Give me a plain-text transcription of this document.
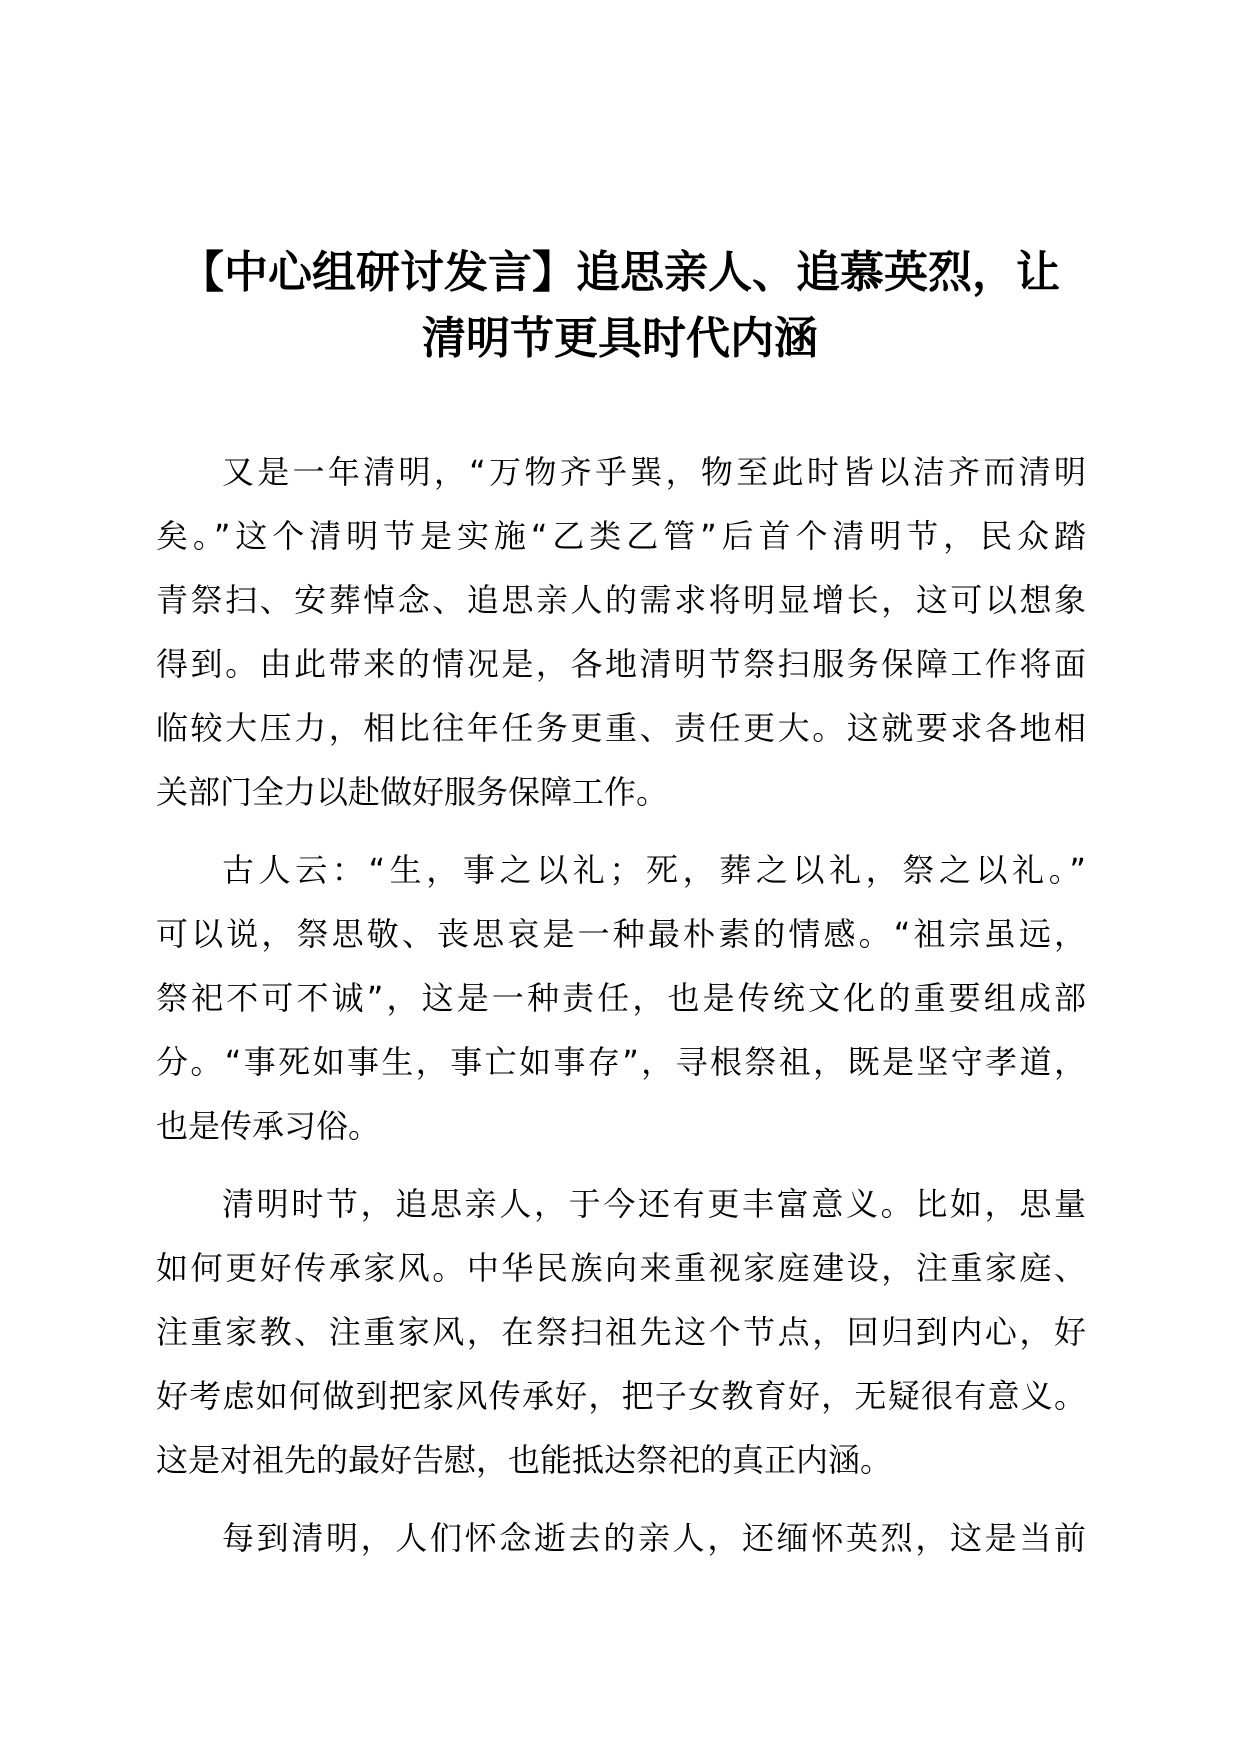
【中心组研讨发言】追思亲人、追慕英烈，让
清明节更具时代内涵
又是一年清明，“万物齐乎巽，物至此时皆以洁齐而清明
矣。”这个清明节是实施“乙类乙管”后首个清明节，民众踏
青祭扫、安葬悼念、追思亲人的需求将明显增长，这可以想象
得到。由此带来的情况是，各地清明节祭扫服务保障工作将面
临较大压力，相比往年任务更重、责任更大。这就要求各地相
关部门全力以赴做好服务保障工作。
古人云：“生，事之以礼；死，葬之以礼，祭之以礼。”
可以说，祭思敬、丧思哀是一种最朴素的情感。“祖宗虽远，
祭祀不可不诚”，这是一种责任，也是传统文化的重要组成部
分。“事死如事生，事亡如事存”，寻根祭祖，既是坚守孝道，
也是传承习俗。
清明时节，追思亲人，于今还有更丰富意义。比如，思量
如何更好传承家风。中华民族向来重视家庭建设，注重家庭、
注重家教、注重家风，在祭扫祖先这个节点，回归到内心，好
好考虑如何做到把家风传承好，把子女教育好，无疑很有意义。
这是对祖先的最好告慰，也能抵达祭祀的真正内涵。
每到清明，人们怀念逝去的亲人，还缅怀英烈，这是当前
